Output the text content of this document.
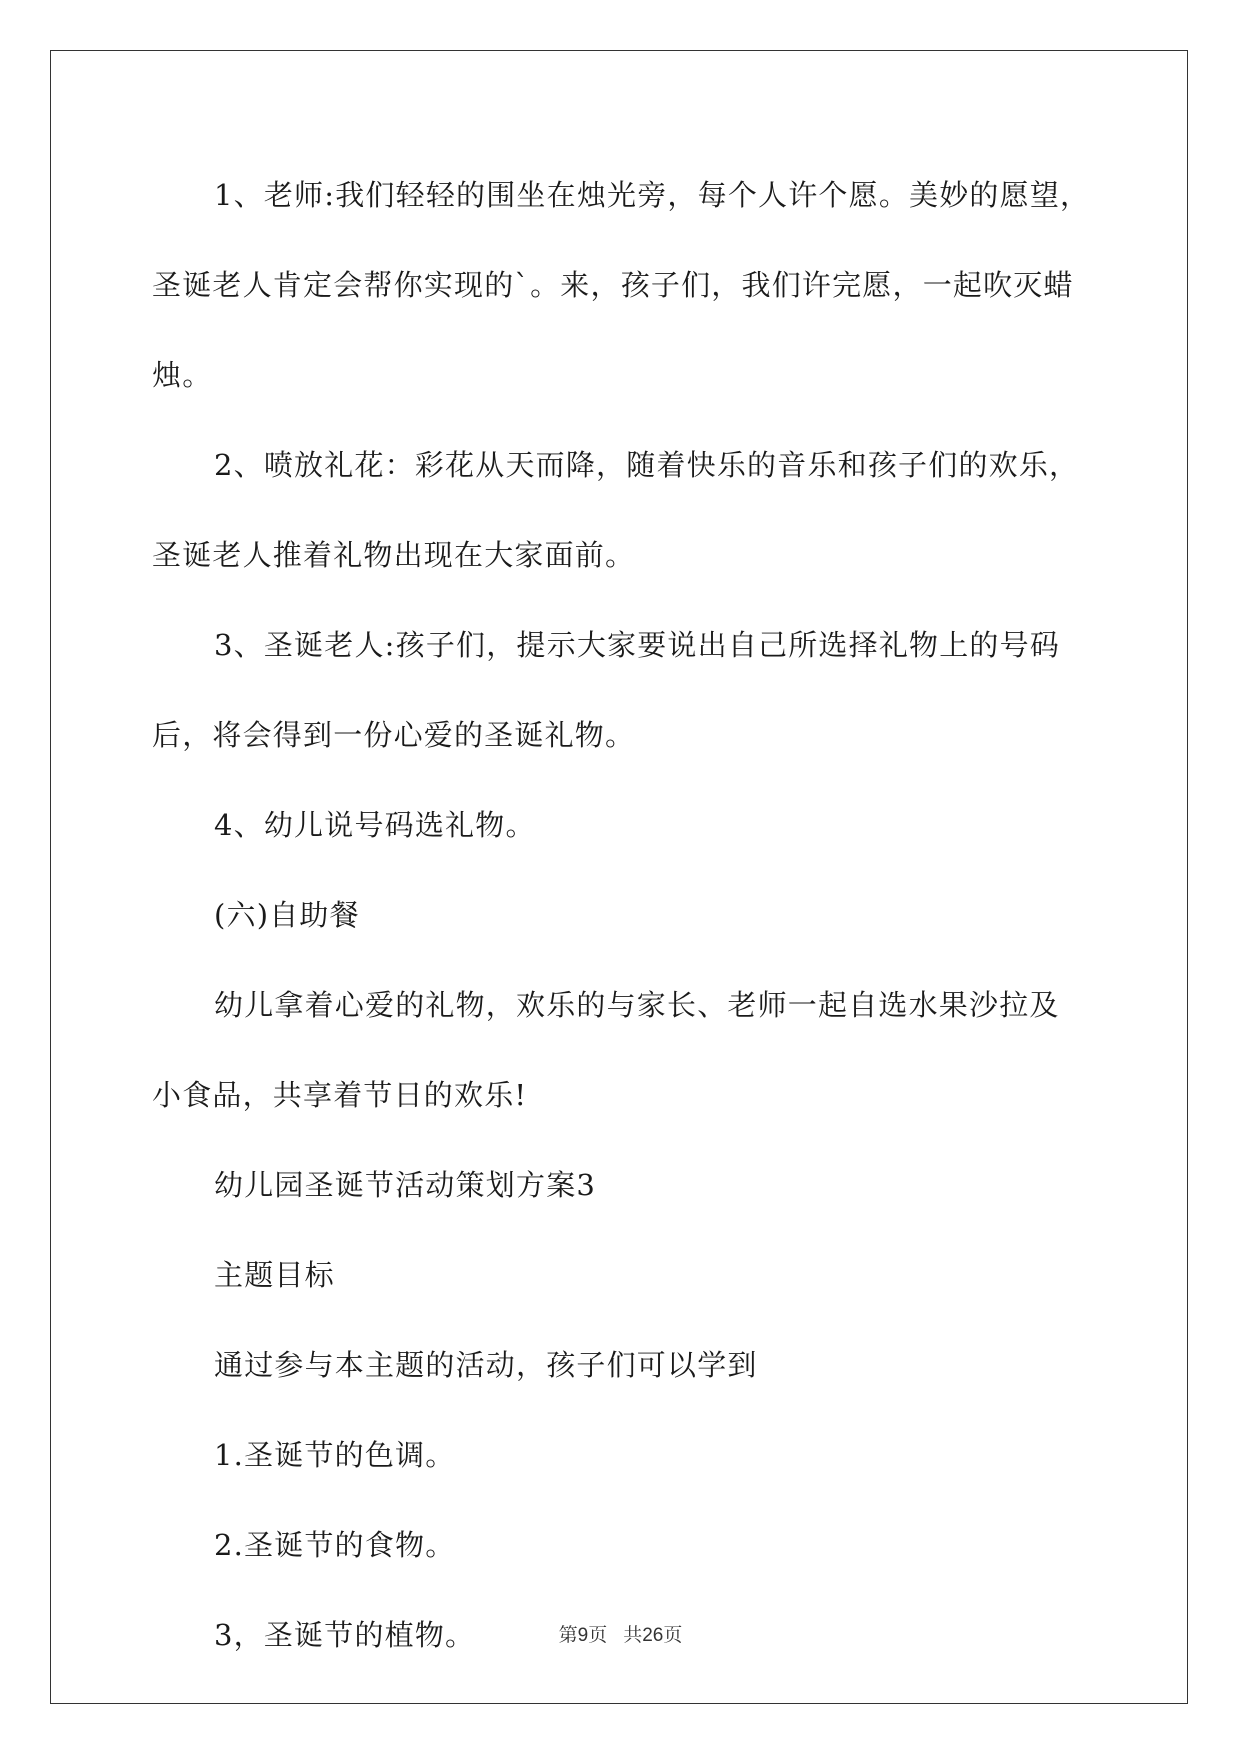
1、老师:我们轻轻的围坐在烛光旁，每个人许个愿。美妙的愿望，

圣诞老人肯定会帮你实现的`。来，孩子们，我们许完愿，一起吹灭蜡

烛。

2、喷放礼花：彩花从天而降，随着快乐的音乐和孩子们的欢乐，

圣诞老人推着礼物出现在大家面前。

3、圣诞老人:孩子们，提示大家要说出自己所选择礼物上的号码

后，将会得到一份心爱的圣诞礼物。

4、幼儿说号码选礼物。

(六)自助餐

幼儿拿着心爱的礼物，欢乐的与家长、老师一起自选水果沙拉及

小食品，共享着节日的欢乐!

幼儿园圣诞节活动策划方案3

主题目标

通过参与本主题的活动，孩子们可以学到

1.圣诞节的色调。

2.圣诞节的食物。

3，圣诞节的植物。	第9页 共26页
